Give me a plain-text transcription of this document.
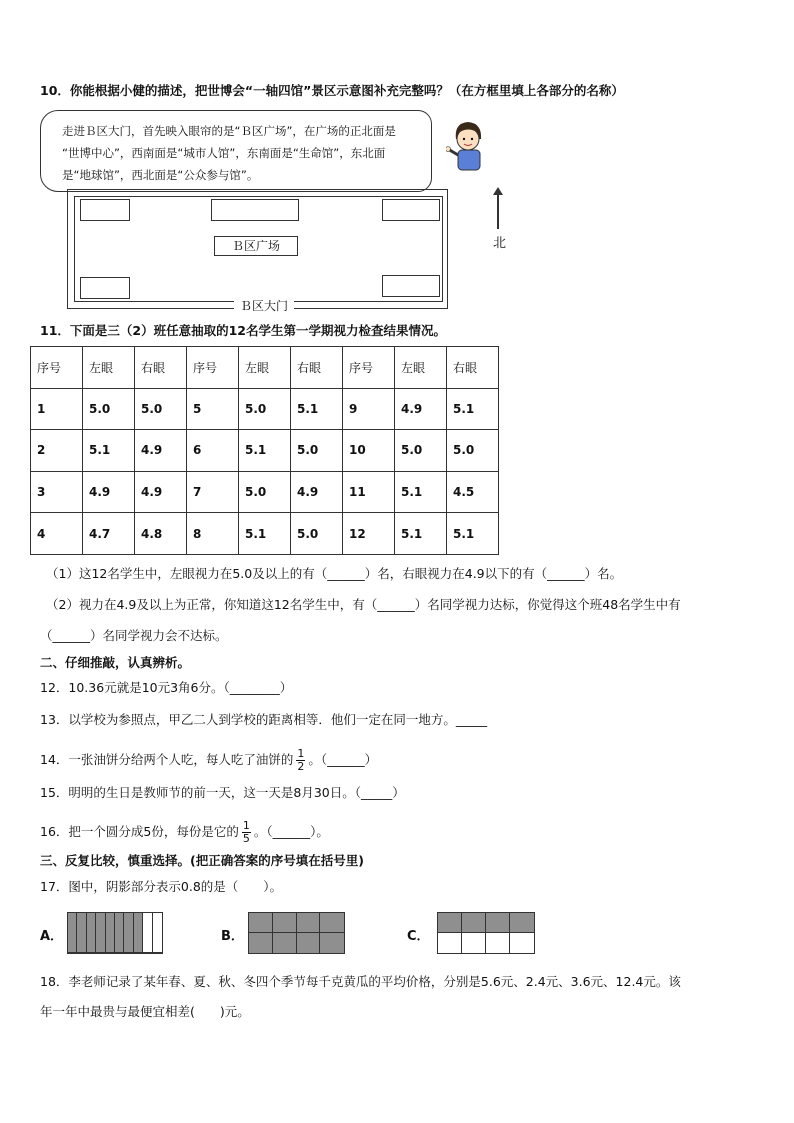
10．你能根据小健的描述，把世博会“一轴四馆”景区示意图补充完整吗？（在方框里填上各部分的名称）
走进Ｂ区大门，首先映入眼帘的是“Ｂ区广场”，在广场的正北面是
“世博中心”，西南面是“城市人馆”，东南面是“生命馆”，东北面
是“地球馆”，西北面是“公众参与馆”。
Ｂ区广场
Ｂ区大门
北
11．下面是三（2）班任意抽取的12名学生第一学期视力检查结果情况。
序号	左眼	右眼	序号	左眼	右眼	序号	左眼	右眼
1	5.0	5.0	5	5.0	5.1	9	4.9	5.1
2	5.1	4.9	6	5.1	5.0	10	5.0	5.0
3	4.9	4.9	7	5.0	4.9	11	5.1	4.5
4	4.7	4.8	8	5.1	5.0	12	5.1	5.1
（1）这12名学生中，左眼视力在5.0及以上的有（______）名，右眼视力在4.9以下的有（______）名。
（2）视力在4.9及以上为正常，你知道这12名学生中，有（______）名同学视力达标，你觉得这个班48名学生中有
（______）名同学视力会不达标。
二、仔细推敲，认真辨析。
12．10.36元就是10元3角6分。（________）
13．以学校为参照点，甲乙二人到学校的距离相等．他们一定在同一地方。_____
14．一张油饼分给两个人吃，每人吃了油饼的 $\frac{1}{2}$ 。（______）
15．明明的生日是教师节的前一天，这一天是8月30日。（_____）
16．把一个圆分成5份，每份是它的 $\frac{1}{5}$ 。（______）。
三、反复比较，慎重选择。(把正确答案的序号填在括号里)
17．图中，阴影部分表示0.8的是（　　）。
A．	B．	C．
18．李老师记录了某年春、夏、秋、冬四个季节每千克黄瓜的平均价格，分别是5.6元、2.4元、3.6元、12.4元。该
年一年中最贵与最便宜相差(　　)元。
